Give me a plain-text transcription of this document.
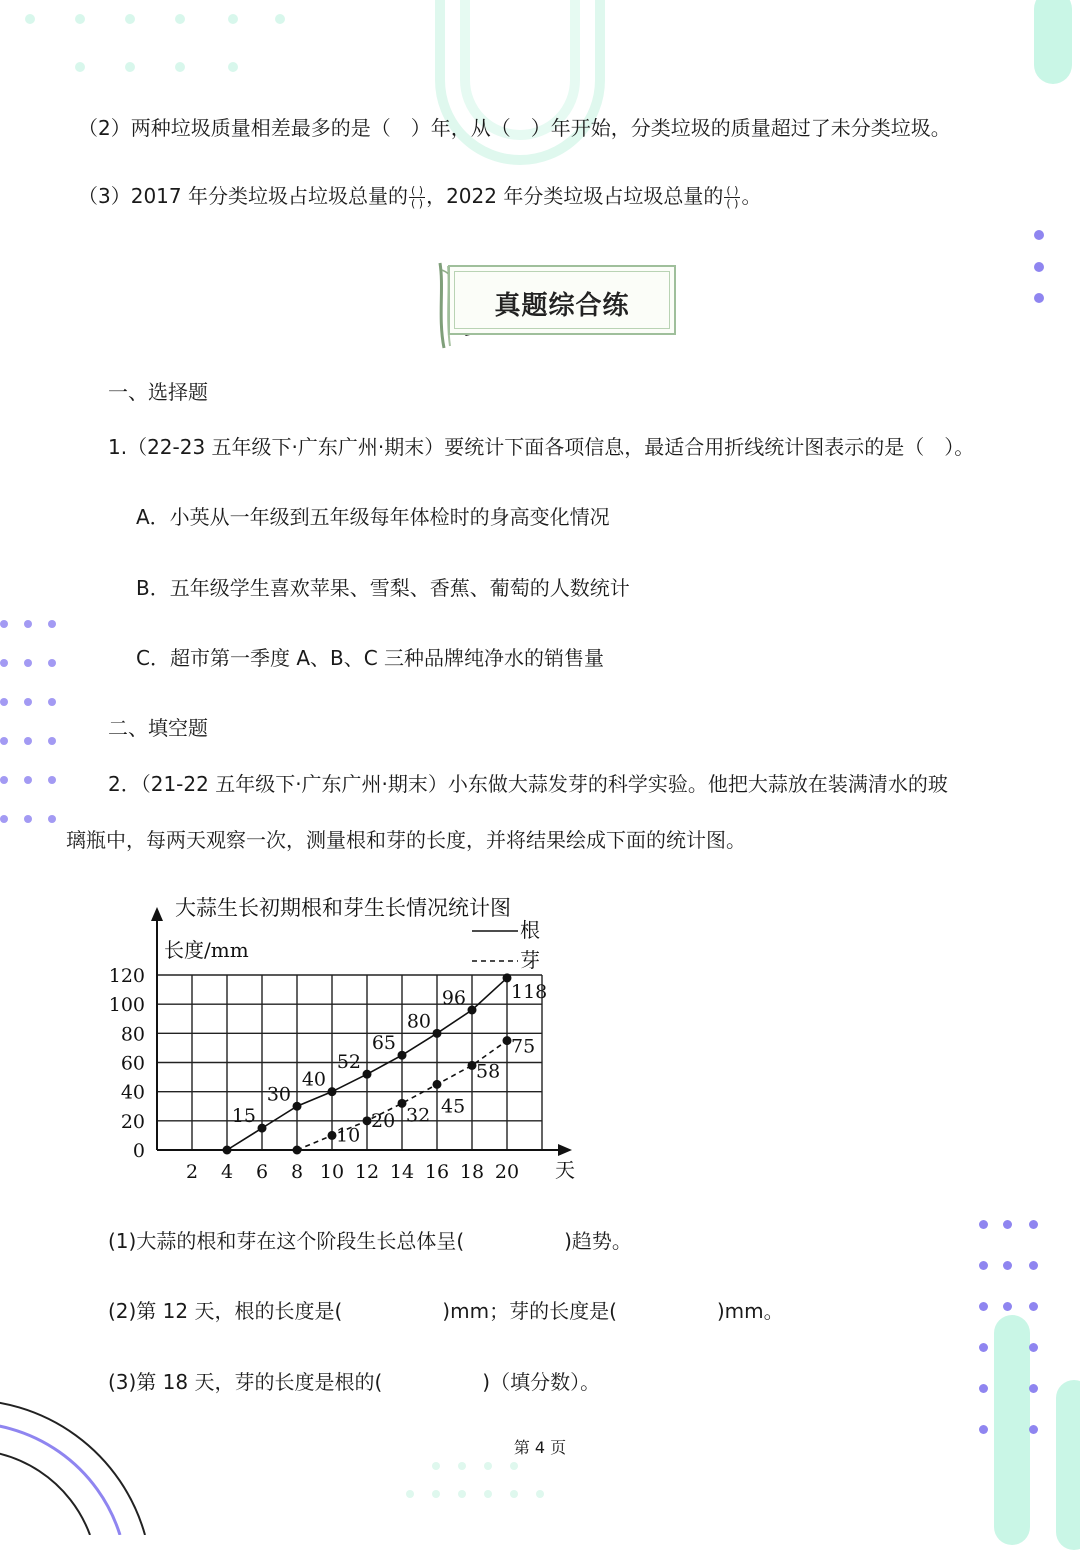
（2）两种垃圾质量相差最多的是（　）年，从（　）年开始，分类垃圾的质量超过了未分类垃圾。
（3）2017 年分类垃圾占垃圾总量的 $\frac{( )}{( )}$ ，2022 年分类垃圾占垃圾总量的 $\frac{( )}{( )}$ 。
真题综合练
一、选择题
1.（22-23 五年级下·广东广州·期末）要统计下面各项信息，最适合用折线统计图表示的是（　）。
A．小英从一年级到五年级每年体检时的身高变化情况
B．五年级学生喜欢苹果、雪梨、香蕉、葡萄的人数统计
C．超市第一季度 A、B、C 三种品牌纯净水的销售量
二、填空题
2．（21-22 五年级下·广东广州·期末）小东做大蒜发芽的科学实验。他把大蒜放在装满清水的玻
璃瓶中，每两天观察一次，测量根和芽的长度，并将结果绘成下面的统计图。
0
20
40
60
80
100
120
2 4 6 8 10 12 14 16 18 20
大蒜生长初期根和芽生长情况统计图
长度/mm
天
根
芽
15
30
40
52
65
80
96 118
10
20 32 45
58
75
(1)大蒜的根和芽在这个阶段生长总体呈(　　　　　)趋势。
(2)第 12 天，根的长度是(　　　　　)mm；芽的长度是(　　　　　)mm。
(3)第 18 天，芽的长度是根的(　　　　　)（填分数）。
第 4 页
